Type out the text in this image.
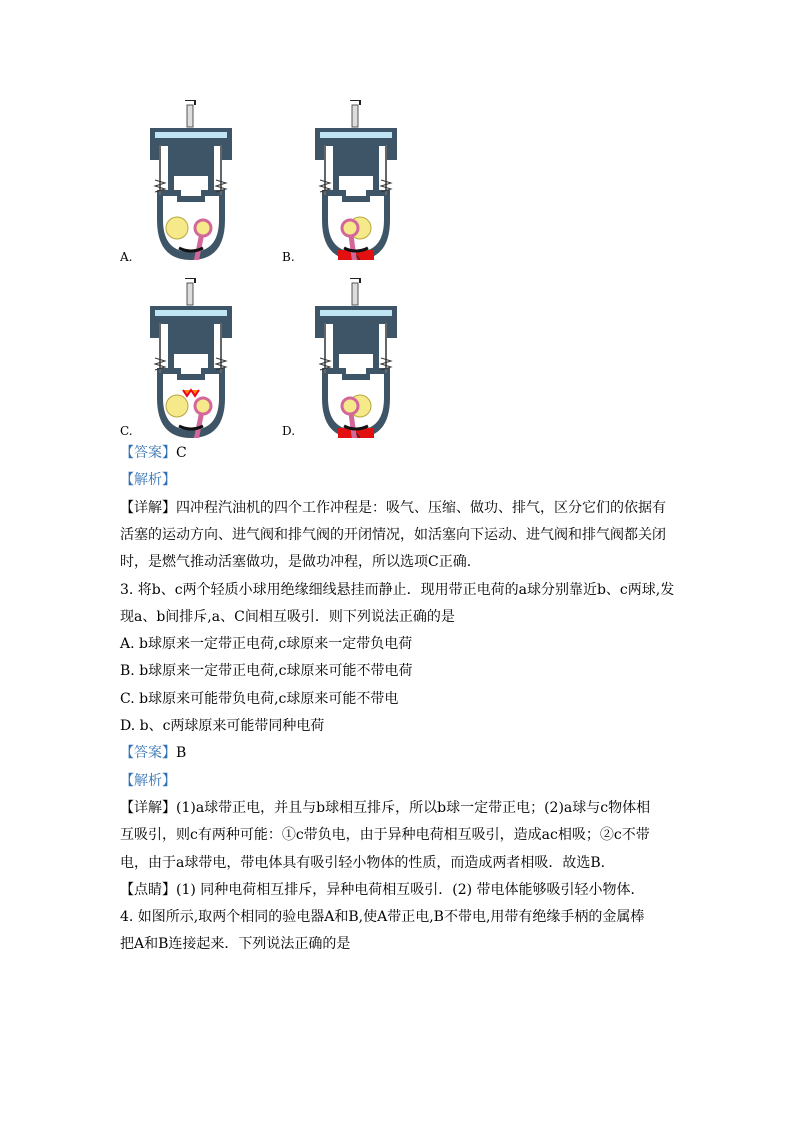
A.	B.
C.	D.
【答案】C
【解析】
【详解】四冲程汽油机的四个工作冲程是：吸气、压缩、做功、排气，区分它们的依据有
活塞的运动方向、进气阀和排气阀的开闭情况，如活塞向下运动、进气阀和排气阀都关闭
时，是燃气推动活塞做功，是做功冲程，所以选项C正确.
3. 将b、c两个轻质小球用绝缘细线悬挂而静止．现用带正电荷的a球分别靠近b、c两球,发
现a、b间排斥,a、C间相互吸引．则下列说法正确的是
A. b球原来一定带正电荷,c球原来一定带负电荷
B. b球原来一定带正电荷,c球原来可能不带电荷
C. b球原来可能带负电荷,c球原来可能不带电
D. b、c两球原来可能带同种电荷
【答案】B
【解析】
【详解】(1)a球带正电，并且与b球相互排斥，所以b球一定带正电；(2)a球与c物体相
互吸引，则c有两种可能：①c带负电，由于异种电荷相互吸引，造成ac相吸；②c不带
电，由于a球带电，带电体具有吸引轻小物体的性质，而造成两者相吸．故选B.
【点睛】(1) 同种电荷相互排斥，异种电荷相互吸引．(2) 带电体能够吸引轻小物体．
4. 如图所示,取两个相同的验电器A和B,使A带正电,B不带电,用带有绝缘手柄的金属棒
把A和B连接起来．下列说法正确的是
